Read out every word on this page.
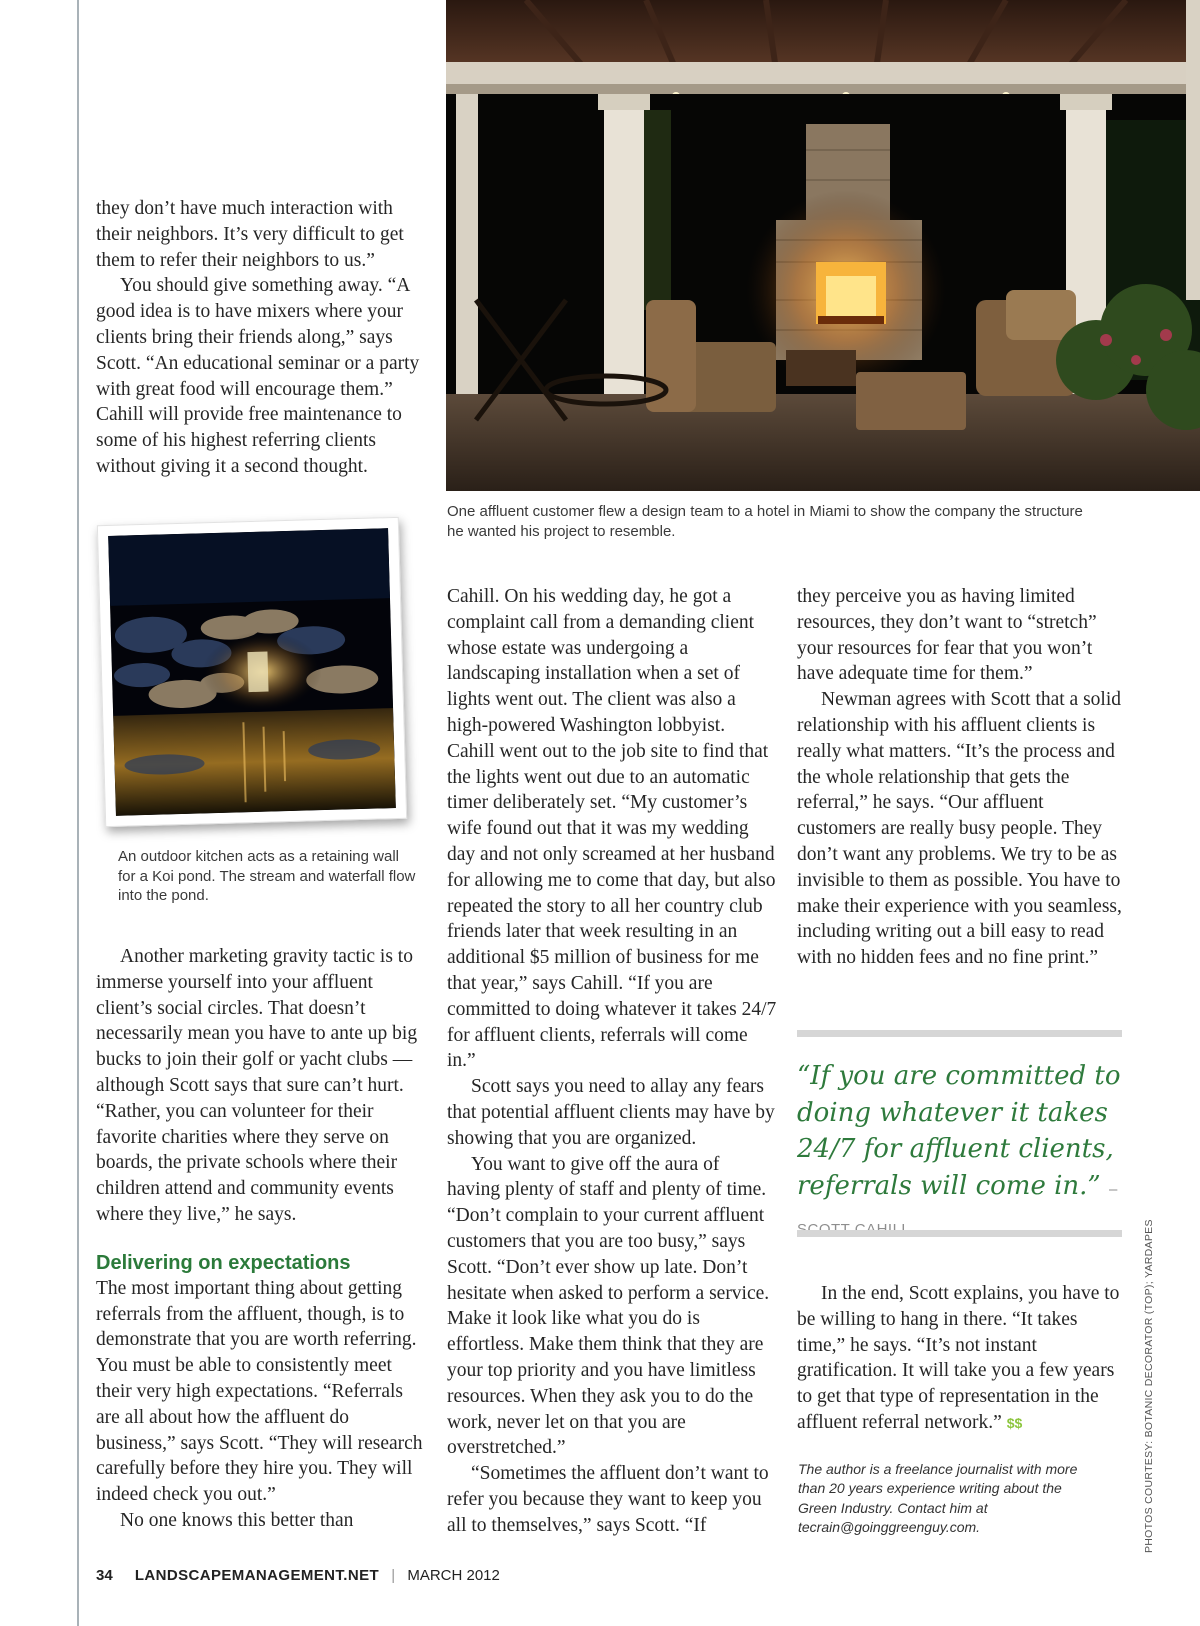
One affluent customer flew a design team to a hotel in Miami to show the company the structure he wanted his project to resemble.

they don’t have much interaction with their neighbors. It’s very difficult to get them to refer their neighbors to us.”

You should give something away. “A good idea is to have mixers where your clients bring their friends along,” says Scott. “An educational seminar or a party with great food will encourage them.” Cahill will provide free maintenance to some of his highest referring clients without giving it a second thought.

An outdoor kitchen acts as a retaining wall for a Koi pond. The stream and waterfall flow into the pond.

Another marketing gravity tactic is to immerse yourself into your affluent client’s social circles. That doesn’t necessarily mean you have to ante up big bucks to join their golf or yacht clubs — although Scott says that sure can’t hurt. “Rather, you can volunteer for their favorite charities where they serve on boards, the private schools where their children attend and community events where they live,” he says.

Delivering on expectations

The most important thing about getting referrals from the affluent, though, is to demonstrate that you are worth referring. You must be able to consistently meet their very high expectations. “Referrals are all about how the affluent do business,” says Scott. “They will research carefully before they hire you. They will indeed check you out.”

No one knows this better than

Cahill. On his wedding day, he got a complaint call from a demanding client whose estate was undergoing a landscaping installation when a set of lights went out. The client was also a high-powered Washington lobbyist. Cahill went out to the job site to find that the lights went out due to an automatic timer deliberately set. “My customer’s wife found out that it was my wedding day and not only screamed at her husband for allowing me to come that day, but also repeated the story to all her country club friends later that week resulting in an additional $5 million of business for me that year,” says Cahill. “If you are committed to doing whatever it takes 24/7 for affluent clients, referrals will come in.”

Scott says you need to allay any fears that potential affluent clients may have by showing that you are organized.

You want to give off the aura of having plenty of staff and plenty of time. “Don’t complain to your current affluent customers that you are too busy,” says Scott. “Don’t ever show up late. Don’t hesitate when asked to perform a service. Make it look like what you do is effortless. Make them think that they are your top priority and you have limitless resources. When they ask you to do the work, never let on that you are overstretched.”

“Sometimes the affluent don’t want to refer you because they want to keep you all to themselves,” says Scott. “If

they perceive you as having limited resources, they don’t want to “stretch” your resources for fear that you won’t have adequate time for them.”

Newman agrees with Scott that a solid relationship with his affluent clients is really what matters. “It’s the process and the whole relationship that gets the referral,” he says. “Our affluent customers are really busy people. They don’t want any problems. We try to be as invisible to them as possible. You have to make their experience with you seamless, including writing out a bill easy to read with no hidden fees and no fine print.”

“If you are committed to doing whatever it takes 24/7 for affluent clients, referrals will come in.” –

In the end, Scott explains, you have to be willing to hang in there. “It takes time,” he says. “It’s not instant gratification. It will take you a few years to get that type of representation in the affluent referral network.” $$

The author is a freelance journalist with more than 20 years experience writing about the Green Industry. Contact him at tecrain@goinggreenguy.com.	PHOTOS COURTESY: BOTANIC DECORATOR (TOP); YARDAPES
34 LANDSCAPEMANAGEMENT.NET | MARCH 2012
